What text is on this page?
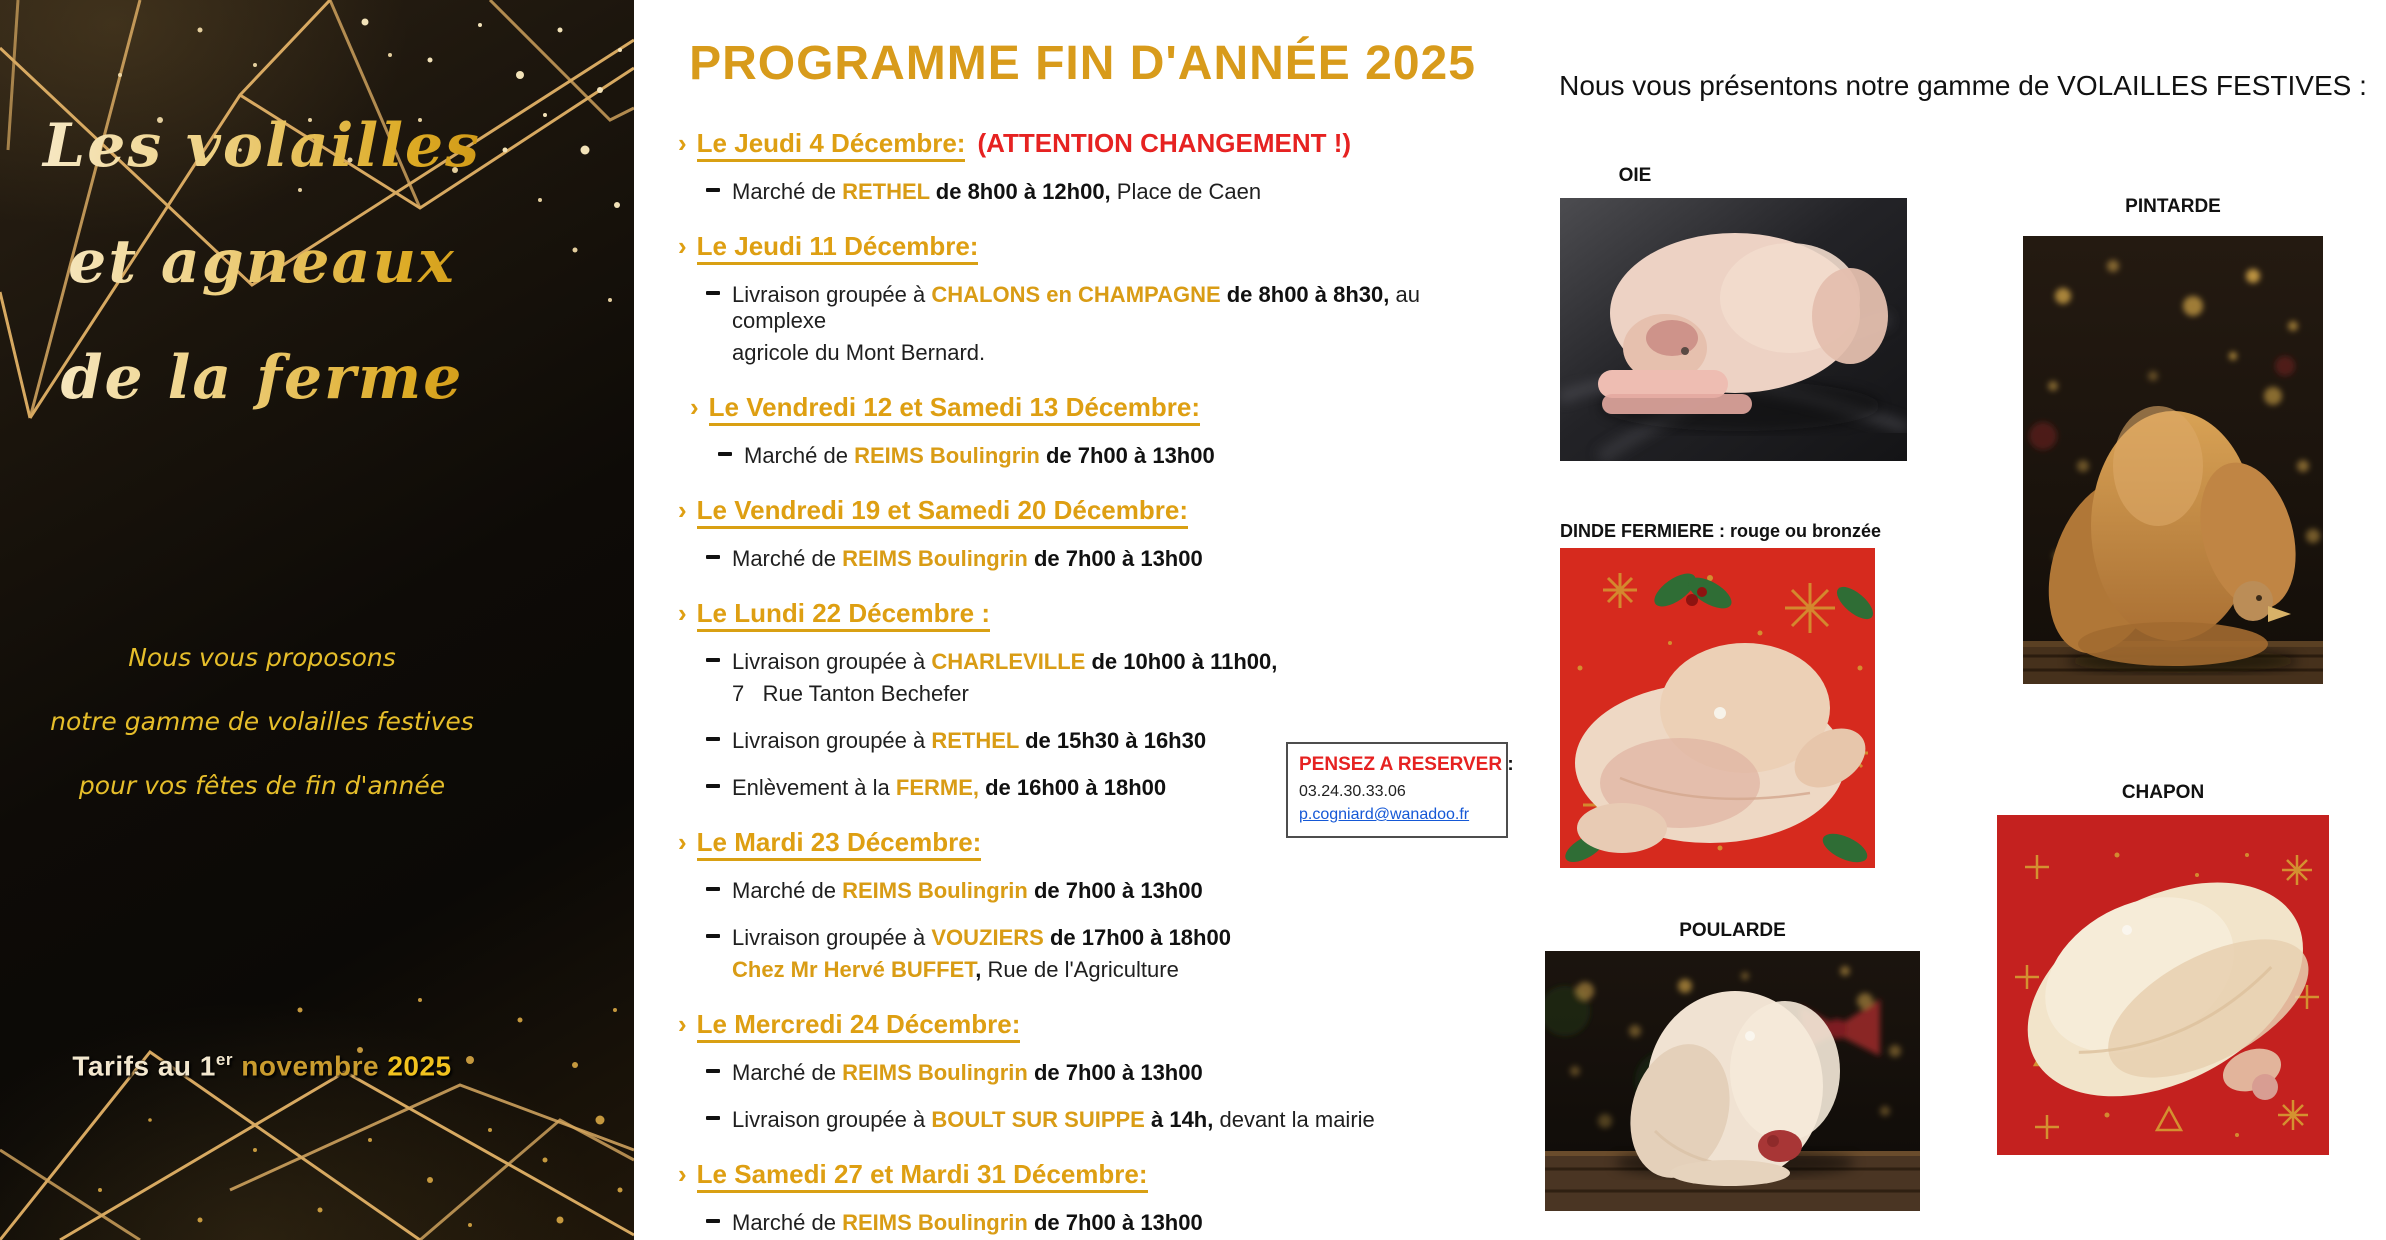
Les volailles
et agneaux
de la ferme
Nous vous proposons
notre gamme de volailles festives
pour vos fêtes de fin d'année
Tarifs au 1er novembre 2025
PROGRAMME FIN D'ANNÉE 2025
› Le Jeudi 4 Décembre: (ATTENTION CHANGEMENT !)
Marché de RETHEL de 8h00 à 12h00, Place de Caen
› Le Jeudi 11 Décembre:
Livraison groupée à CHALONS en CHAMPAGNE de 8h00 à 8h30, au complexe
agricole du Mont Bernard.
› Le Vendredi 12 et Samedi 13 Décembre:
Marché de REIMS Boulingrin de 7h00 à 13h00
› Le Vendredi 19 et Samedi 20 Décembre:
Marché de REIMS Boulingrin de 7h00 à 13h00
› Le Lundi 22 Décembre :
Livraison groupée à CHARLEVILLE de 10h00 à 11h00,
7   Rue Tanton Bechefer
Livraison groupée à RETHEL de 15h30 à 16h30
Enlèvement à la FERME, de 16h00 à 18h00
› Le Mardi 23 Décembre:
Marché de REIMS Boulingrin de 7h00 à 13h00
Livraison groupée à VOUZIERS de 17h00 à 18h00
Chez Mr Hervé BUFFET, Rue de l'Agriculture
› Le Mercredi 24 Décembre:
Marché de REIMS Boulingrin de 7h00 à 13h00
Livraison groupée à BOULT SUR SUIPPE à 14h, devant la mairie
› Le Samedi 27 et Mardi 31 Décembre:
Marché de REIMS Boulingrin de 7h00 à 13h00
PENSEZ A RESERVER :
03.24.30.33.06
p.cogniard@wanadoo.fr
Nous vous présentons notre gamme de VOLAILLES FESTIVES :
OIE
PINTARDE
DINDE FERMIERE : rouge ou bronzée
CHAPON
POULARDE
